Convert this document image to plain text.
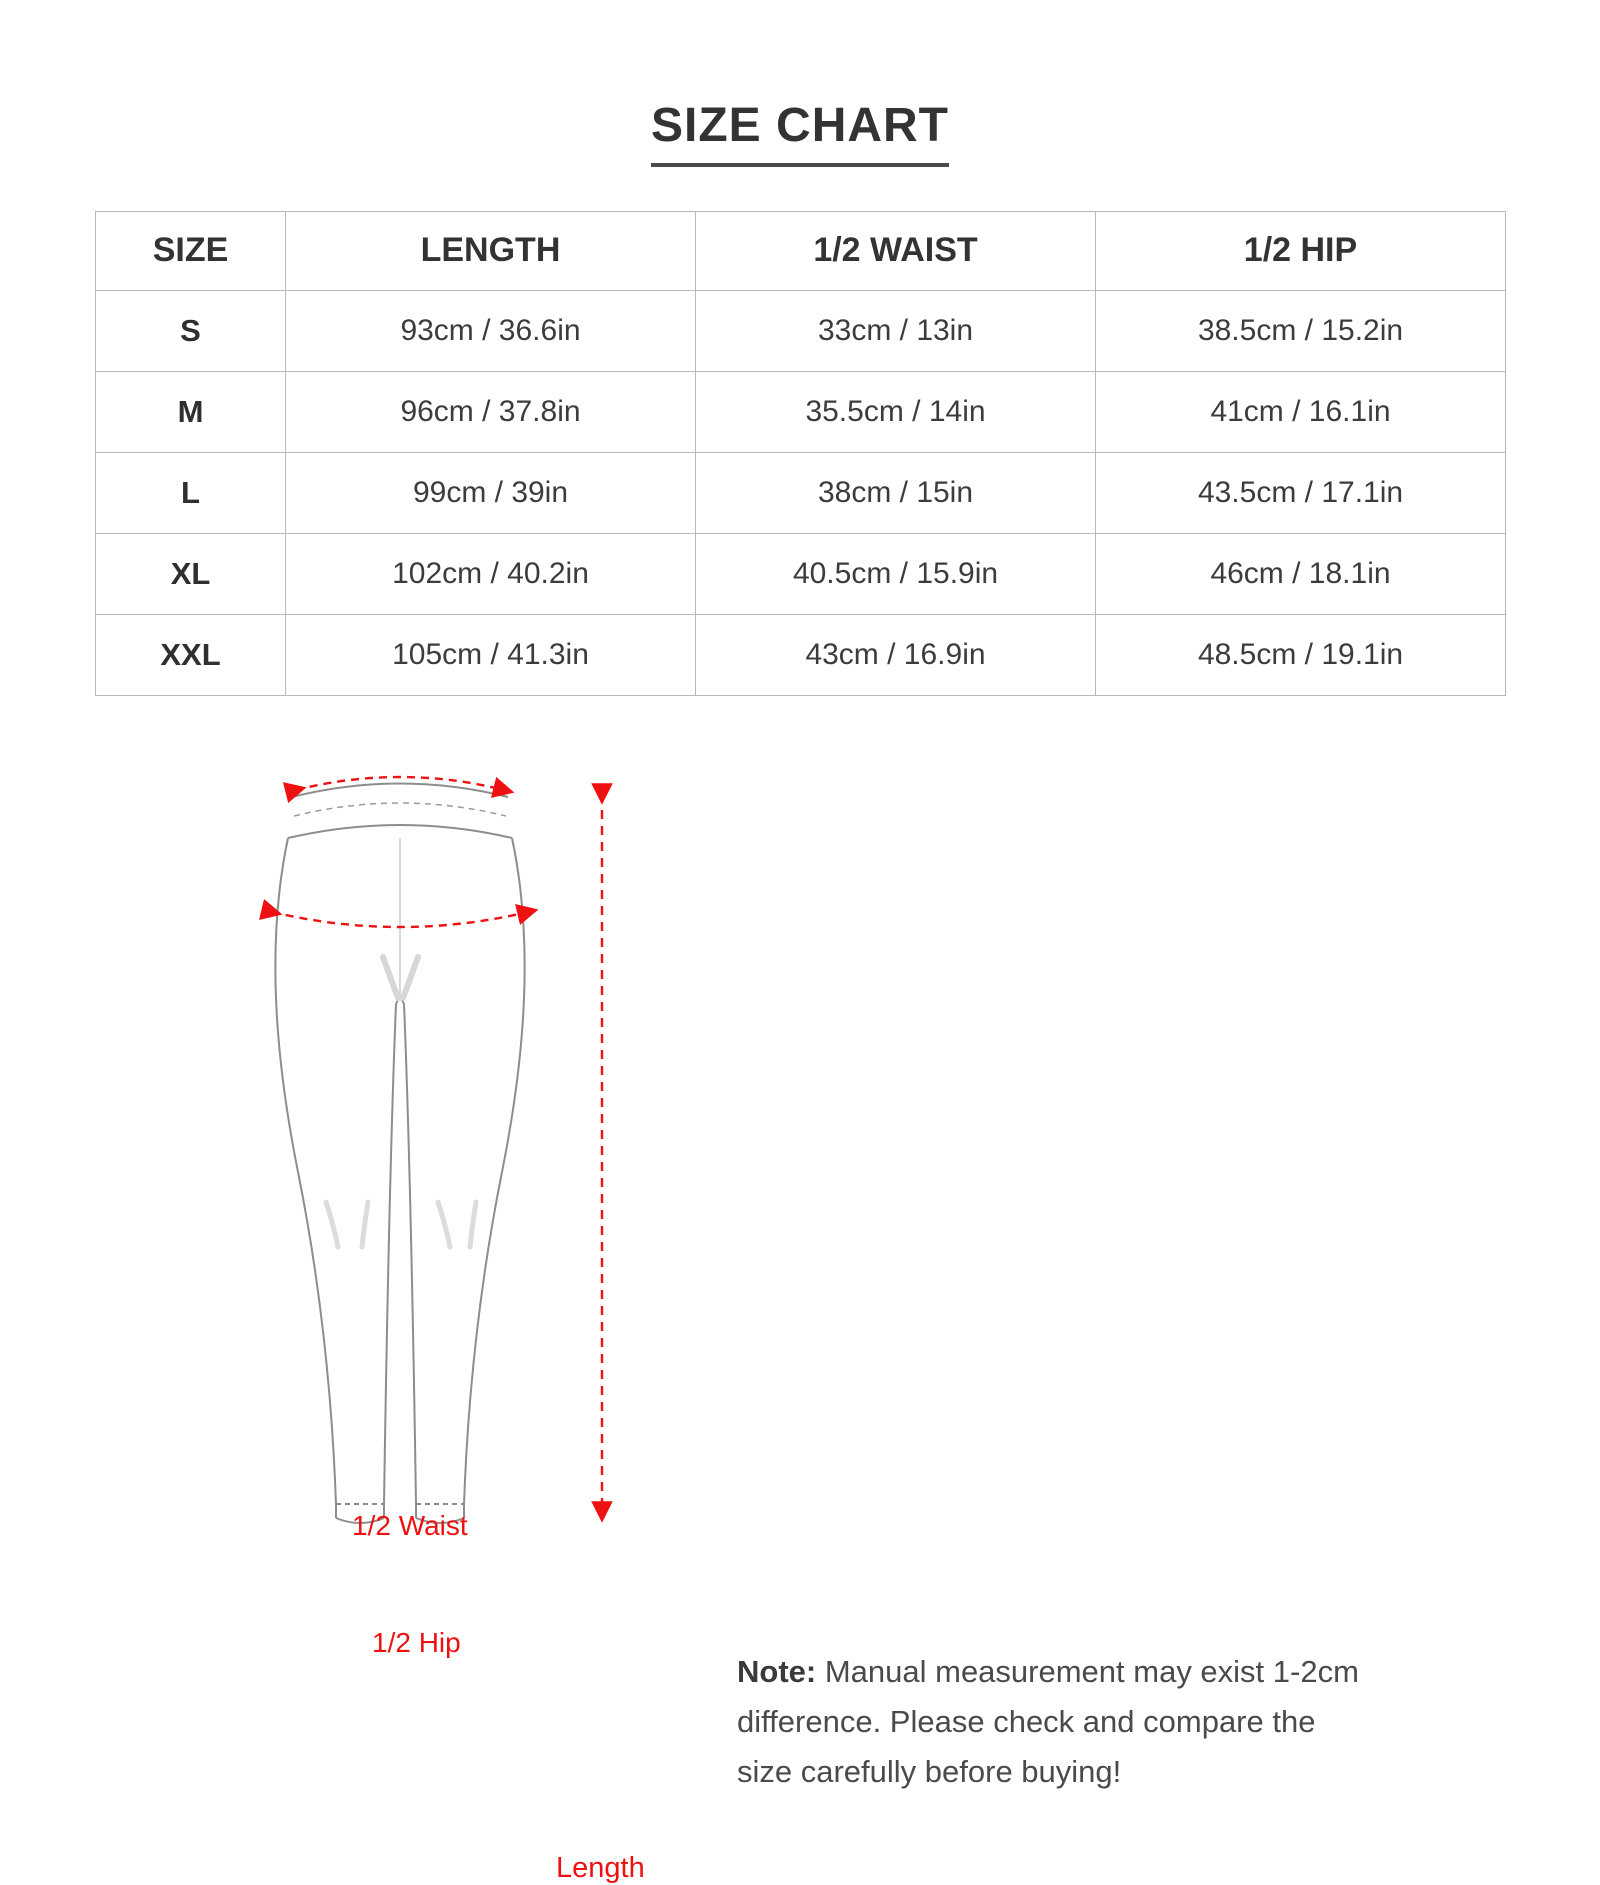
SIZE CHART
SIZE	LENGTH	1/2 WAIST	1/2 HIP
S	93cm / 36.6in	33cm / 13in	38.5cm / 15.2in
M	96cm / 37.8in	35.5cm / 14in	41cm / 16.1in
L	99cm / 39in	38cm / 15in	43.5cm / 17.1in
XL	102cm / 40.2in	40.5cm / 15.9in	46cm / 18.1in
XXL	105cm / 41.3in	43cm / 16.9in	48.5cm / 19.1in
1/2 Waist
1/2 Hip
Length
Note: Manual measurement may exist 1-2cm difference. Please check and compare the size carefully before buying!
